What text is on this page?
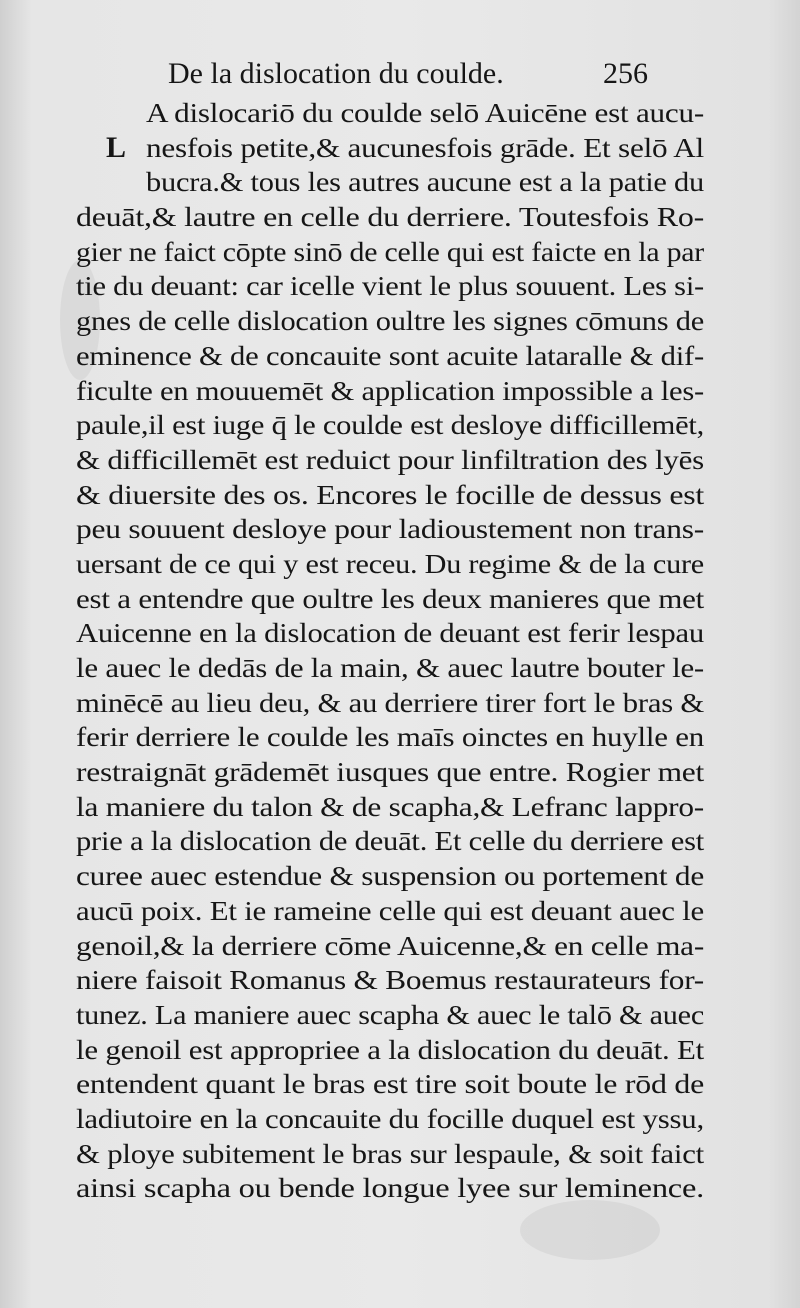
De la dislocation du coulde.	256
L
A dislocariō du coulde selō Auicēne est aucu-
nesfois petite,& aucunesfois grāde. Et selō Al
bucra.& tous les autres aucune est a la patie du
deuāt,& lautre en celle du derriere. Toutesfois Ro-
gier ne faict cōpte sinō de celle qui est faicte en la par
tie du deuant: car icelle vient le plus souuent. Les si-
gnes de celle dislocation oultre les signes cōmuns de
eminence & de concauite sont acuite lataralle & dif-
ficulte en mouuemēt & application impossible a les-
paule,il est iuge q̄ le coulde est desloye difficillemēt,
& difficillemēt est reduict pour linfiltration des lyēs
& diuersite des os. Encores le focille de dessus est
peu souuent desloye pour ladioustement non trans-
uersant de ce qui y est receu. Du regime & de la cure
est a entendre que oultre les deux manieres que met
Auicenne en la dislocation de deuant est ferir lespau
le auec le dedās de la main, & auec lautre bouter le-
minēcē au lieu deu, & au derriere tirer fort le bras &
ferir derriere le coulde les maīs oinctes en huylle en
restraignāt grādemēt iusques que entre. Rogier met
la maniere du talon & de scapha,& Lefranc lappro-
prie a la dislocation de deuāt. Et celle du derriere est
curee auec estendue & suspension ou portement de
aucū poix. Et ie rameine celle qui est deuant auec le
genoil,& la derriere cōme Auicenne,& en celle ma-
niere faisoit Romanus & Boemus restaurateurs for-
tunez. La maniere auec scapha & auec le talō & auec
le genoil est appropriee a la dislocation du deuāt. Et
entendent quant le bras est tire soit boute le rōd de
ladiutoire en la concauite du focille duquel est yssu,
& ploye subitement le bras sur lespaule, & soit faict
ainsi scapha ou bende longue lyee sur leminence.
